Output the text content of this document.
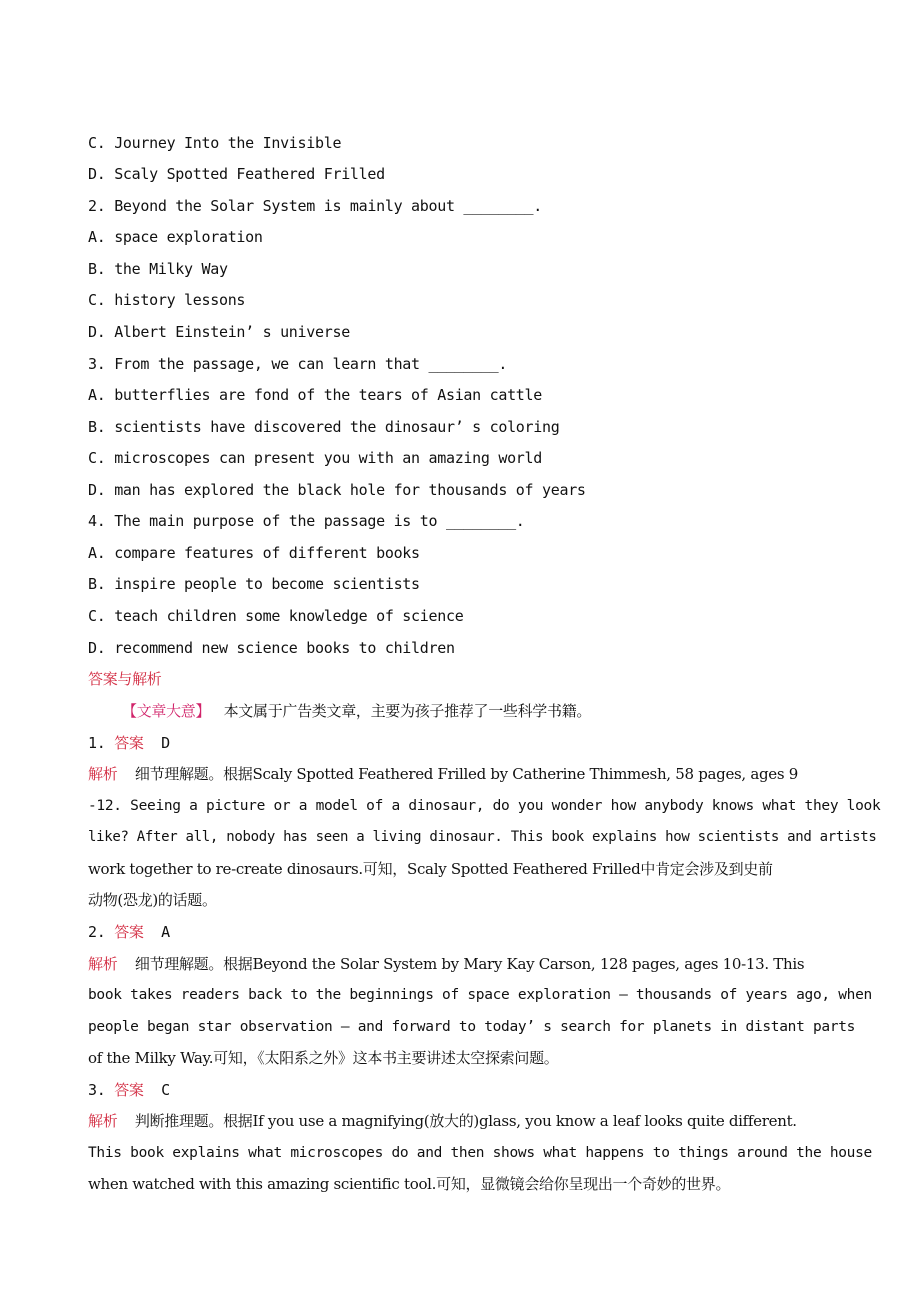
C. Journey Into the Invisible
D. Scaly Spotted Feathered Frilled
2. Beyond the Solar System is mainly about ________.
A. space exploration
B. the Milky Way
C. history lessons
D. Albert Einstein’ s universe
3. From the passage, we can learn that ________.
A. butterflies are fond of the tears of Asian cattle
B. scientists have discovered the dinosaur’ s coloring
C. microscopes can present you with an amazing world
D. man has explored the black hole for thousands of years
4. The main purpose of the passage is to ________.
A. compare features of different books
B. inspire people to become scientists
C. teach children some knowledge of science
D. recommend new science books to children
答案与解析
【文章大意】 本文属于广告类文章，主要为孩子推荐了一些科学书籍。
1. 答案 D
解析 细节理解题。根据Scaly Spotted Feathered Frilled by Catherine Thimmesh, 58 pages, ages 9
-12. Seeing a picture or a model of a dinosaur, do you wonder how anybody knows what they look
like? After all, nobody has seen a living dinosaur. This book explains how scientists and artists
work together to re-create dinosaurs.可知，Scaly Spotted Feathered Frilled中肯定会涉及到史前
动物(恐龙)的话题。
2. 答案 A
解析 细节理解题。根据Beyond the Solar System by Mary Kay Carson, 128 pages, ages 10-13. This
book takes readers back to the beginnings of space exploration — thousands of years ago, when
people began star observation — and forward to today’ s search for planets in distant parts
of the Milky Way.可知，《太阳系之外》这本书主要讲述太空探索问题。
3. 答案 C
解析 判断推理题。根据If you use a magnifying(放大的)glass, you know a leaf looks quite different.
This book explains what microscopes do and then shows what happens to things around the house
when watched with this amazing scientific tool.可知，显微镜会给你呈现出一个奇妙的世界。
